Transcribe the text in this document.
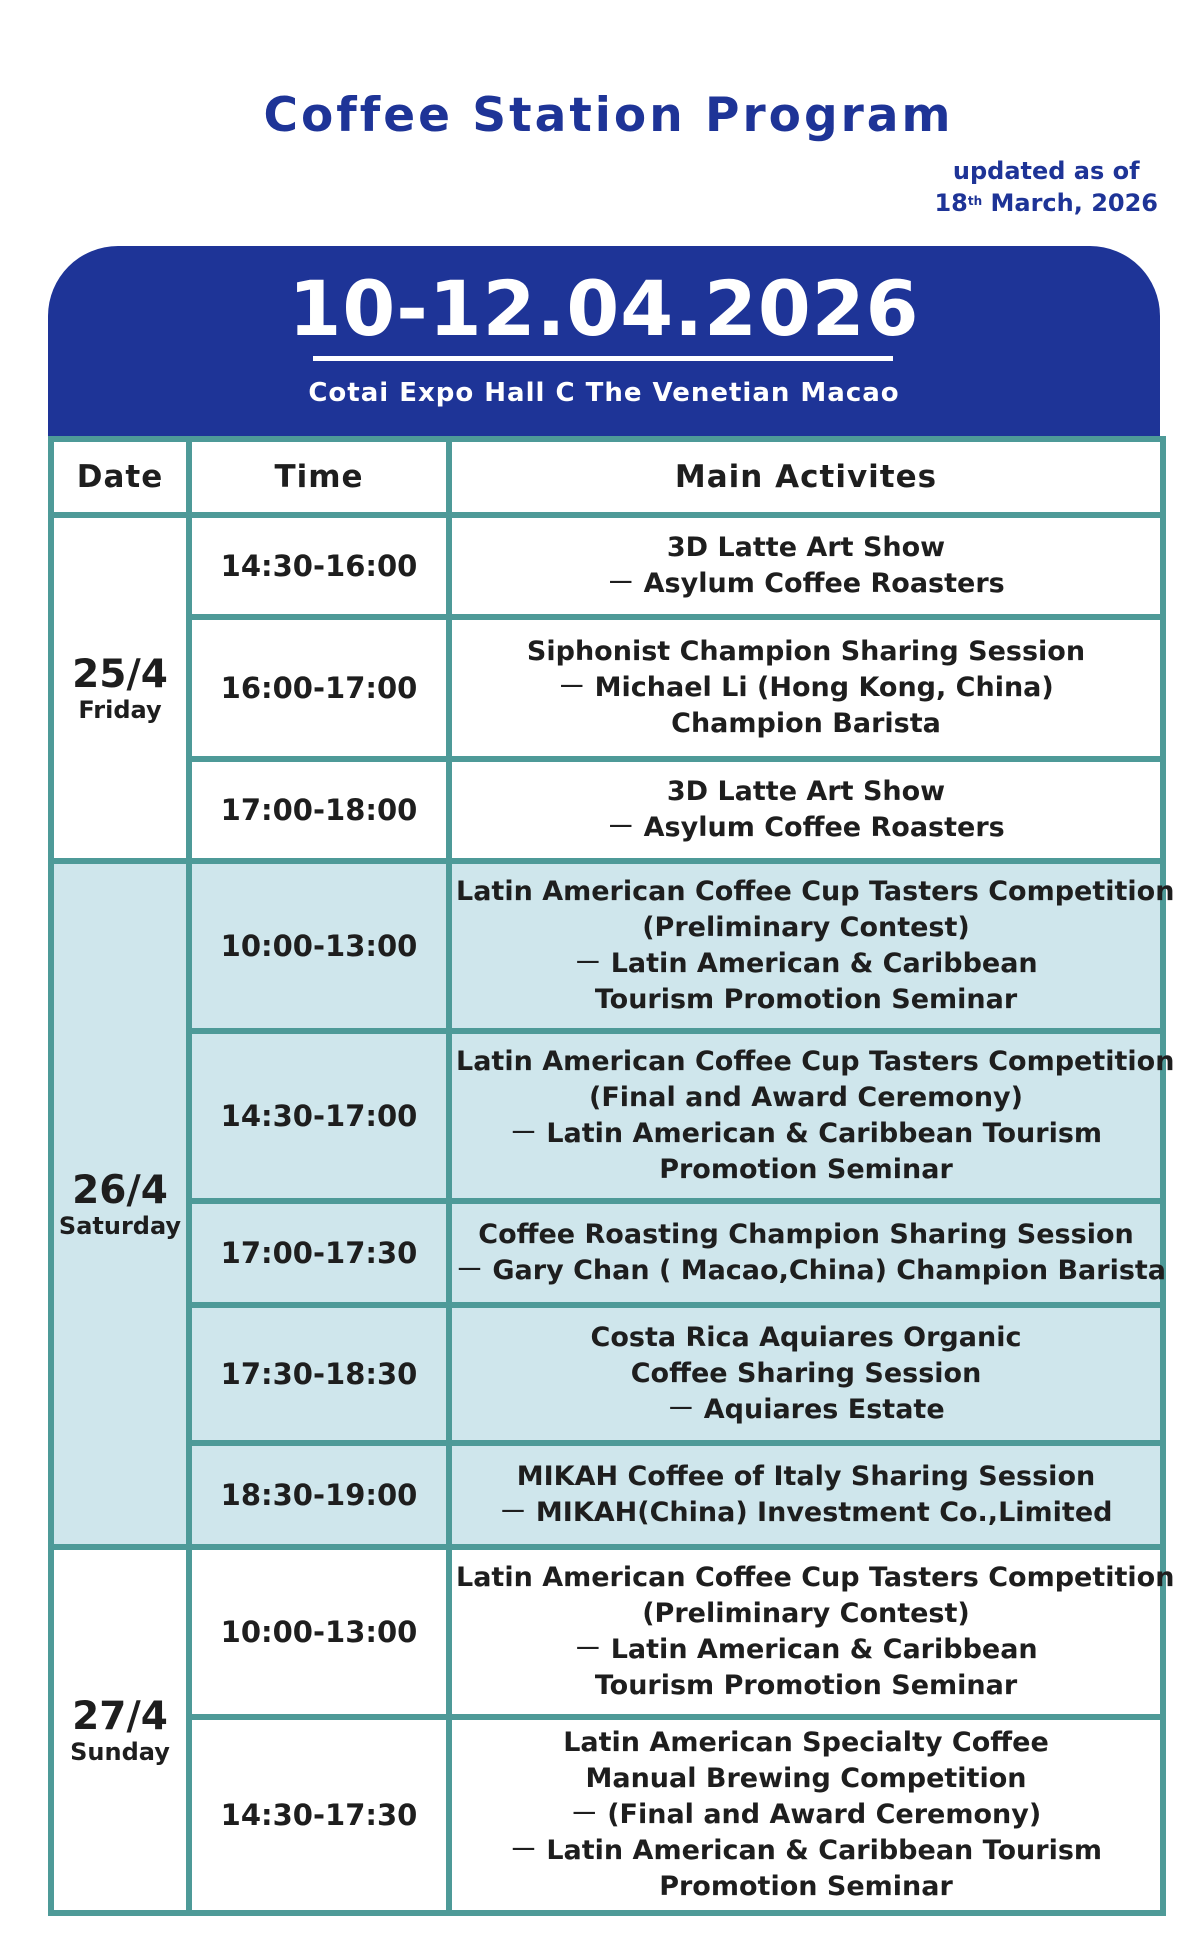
Coffee Station Program
updated as of
18th March, 2026
10-12.04.2026
Cotai Expo Hall C The Venetian Macao
Date	Time	Main Activites
25/4
Friday	14:30-16:00	3D Latte Art Show
－ Asylum Coffee Roasters

	16:00-17:00	Siphonist Champion Sharing Session
－ Michael Li (Hong Kong, China)
Champion Barista

	17:00-18:00	3D Latte Art Show
－ Asylum Coffee Roasters

26/4
Saturday	10:00-13:00	Latin American Coffee Cup Tasters Competition
(Preliminary Contest)
－ Latin American & Caribbean
Tourism Promotion Seminar

	14:30-17:00	Latin American Coffee Cup Tasters Competition
(Final and Award Ceremony)
－ Latin American & Caribbean Tourism
Promotion Seminar

	17:00-17:30	Coffee Roasting Champion Sharing Session
－ Gary Chan ( Macao,China) Champion Barista

	17:30-18:30	Costa Rica Aquiares Organic
Coffee Sharing Session
－ Aquiares Estate

	18:30-19:00	MIKAH Coffee of Italy Sharing Session
－ MIKAH(China) Investment Co.,Limited

27/4
Sunday	10:00-13:00	Latin American Coffee Cup Tasters Competition
(Preliminary Contest)
－ Latin American & Caribbean
Tourism Promotion Seminar

	14:30-17:30	Latin American Specialty Coffee
Manual Brewing Competition
－ (Final and Award Ceremony)
－ Latin American & Caribbean Tourism
Promotion Seminar
